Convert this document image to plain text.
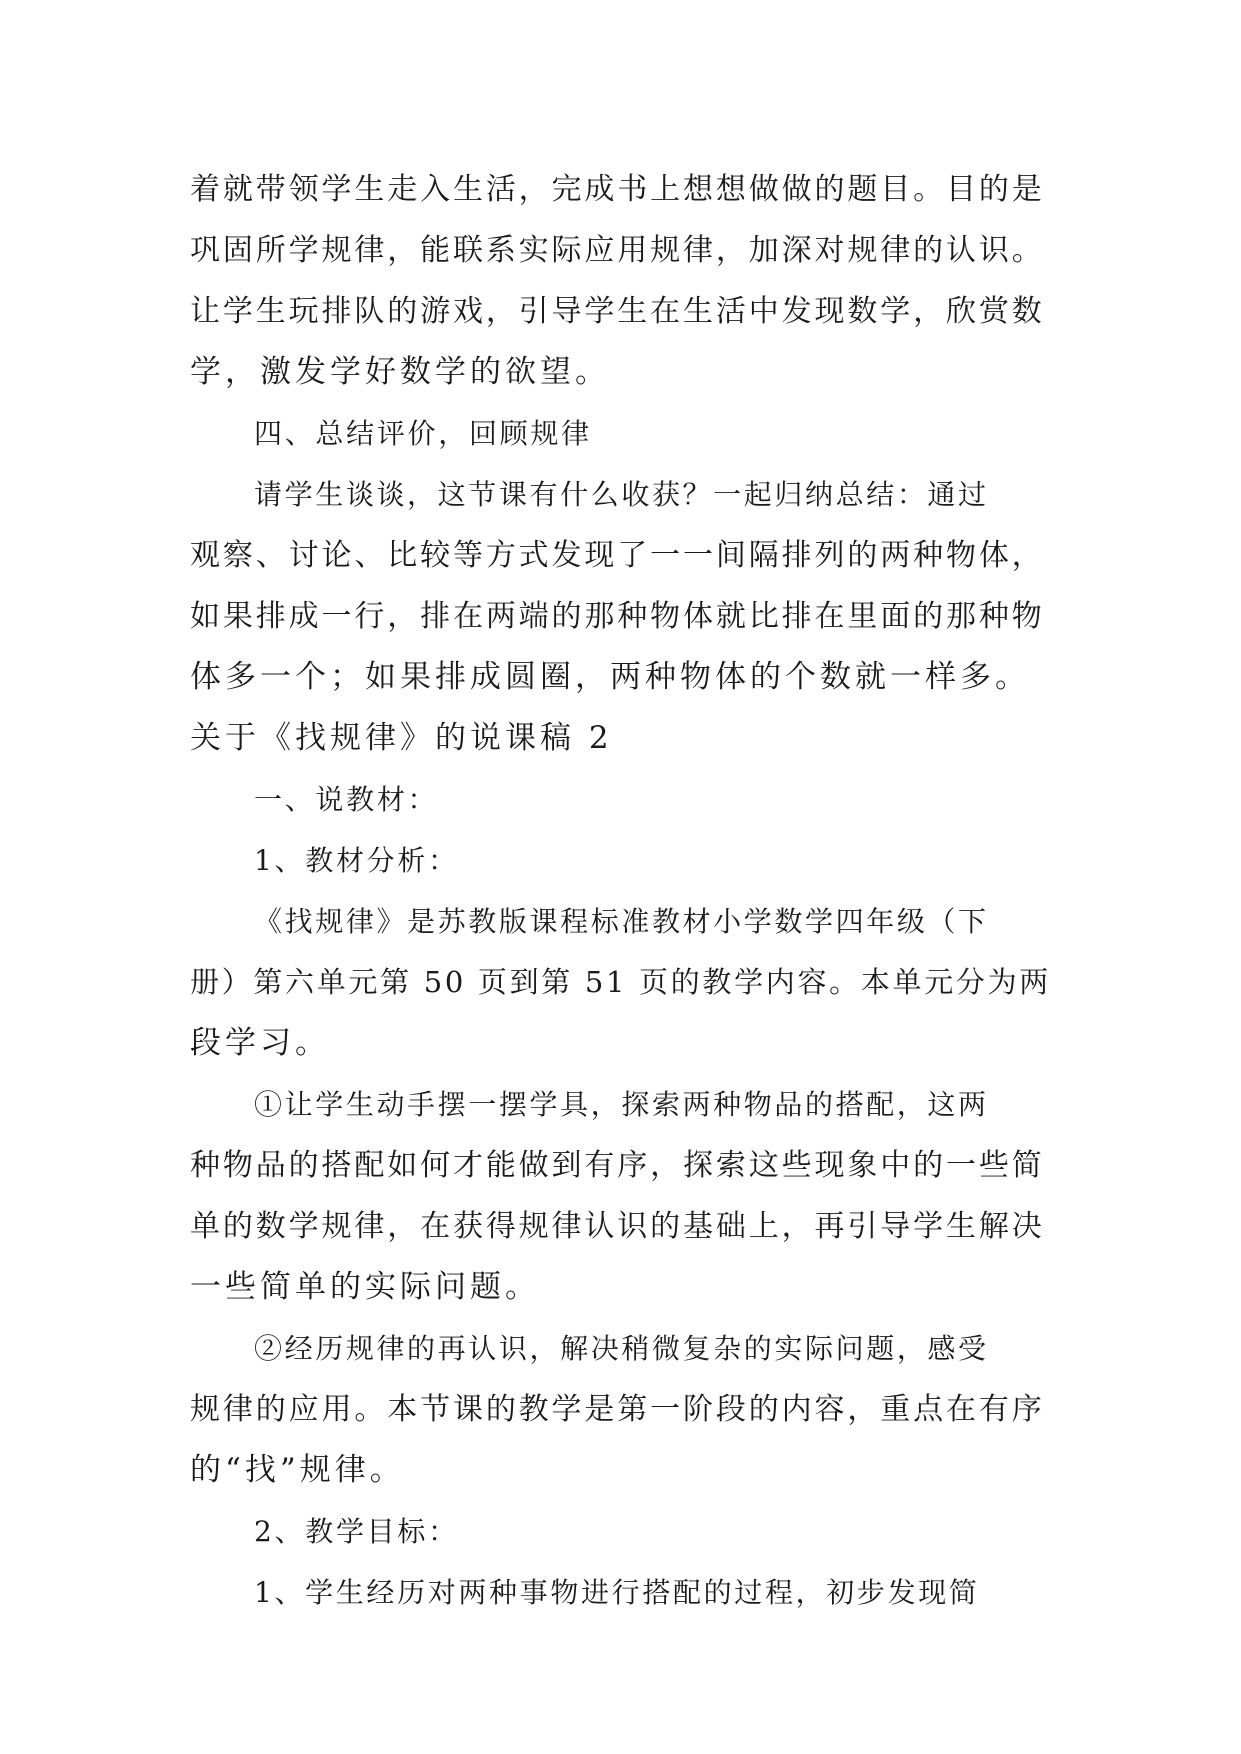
着就带领学生走入生活，完成书上想想做做的题目。目的是
巩固所学规律，能联系实际应用规律，加深对规律的认识。
让学生玩排队的游戏，引导学生在生活中发现数学，欣赏数
学，激发学好数学的欲望。
四、总结评价，回顾规律
请学生谈谈，这节课有什么收获？一起归纳总结：通过
观察、讨论、比较等方式发现了一一间隔排列的两种物体，
如果排成一行，排在两端的那种物体就比排在里面的那种物
体多一个；如果排成圆圈，两种物体的个数就一样多。
关于《找规律》的说课稿 2
一、说教材：
1、教材分析：
《找规律》是苏教版课程标准教材小学数学四年级（下
册）第六单元第 50 页到第 51 页的教学内容。本单元分为两
段学习。
①让学生动手摆一摆学具，探索两种物品的搭配，这两
种物品的搭配如何才能做到有序，探索这些现象中的一些简
单的数学规律，在获得规律认识的基础上，再引导学生解决
一些简单的实际问题。
②经历规律的再认识，解决稍微复杂的实际问题，感受
规律的应用。本节课的教学是第一阶段的内容，重点在有序
的“找”规律。
2、教学目标：
1、学生经历对两种事物进行搭配的过程，初步发现简
